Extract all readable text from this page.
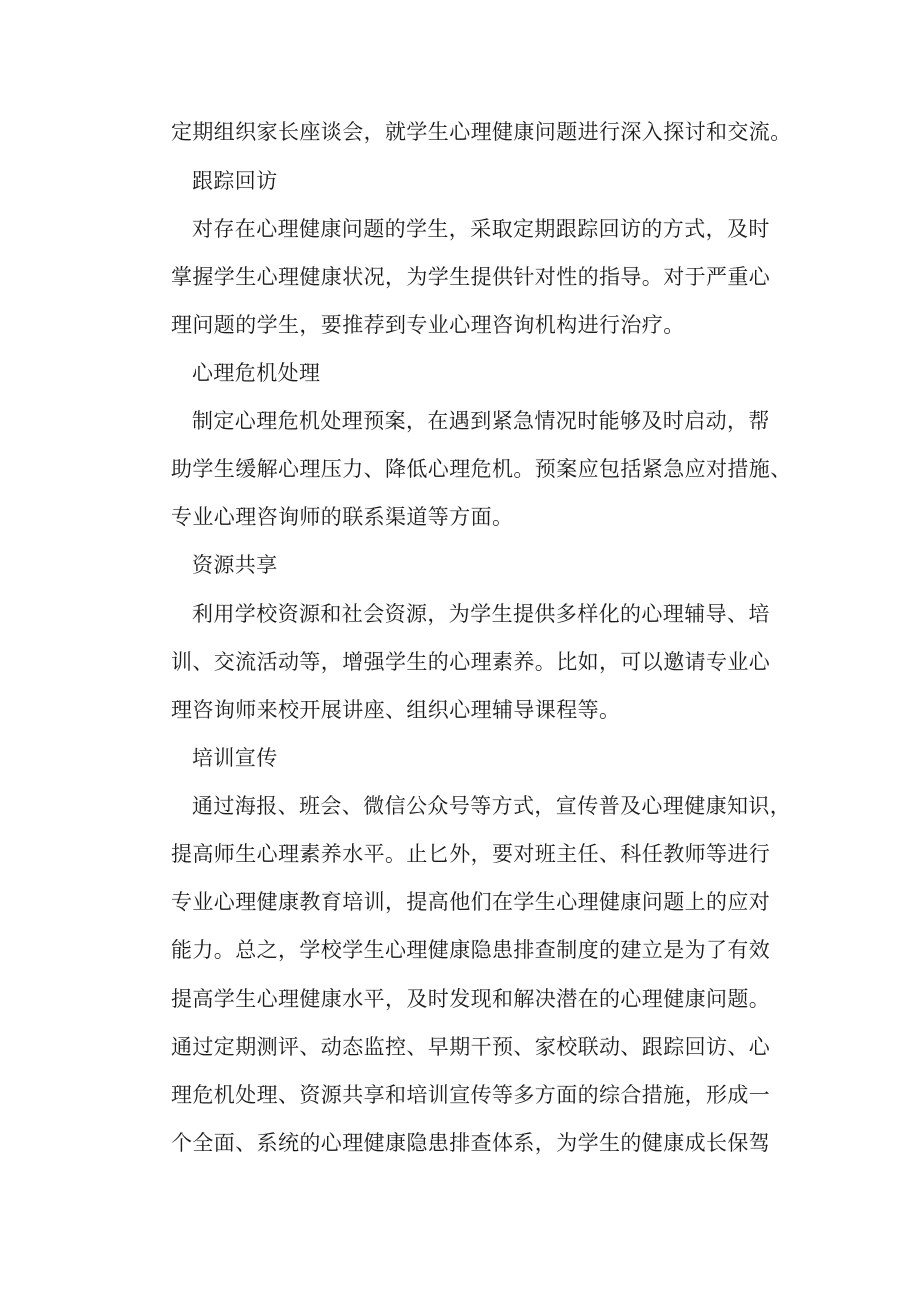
定期组织家长座谈会，就学生心理健康问题进行深入探讨和交流。
跟踪回访
对存在心理健康问题的学生，采取定期跟踪回访的方式，及时
掌握学生心理健康状况，为学生提供针对性的指导。对于严重心
理问题的学生，要推荐到专业心理咨询机构进行治疗。
心理危机处理
制定心理危机处理预案，在遇到紧急情况时能够及时启动，帮
助学生缓解心理压力、降低心理危机。预案应包括紧急应对措施、
专业心理咨询师的联系渠道等方面。
资源共享
利用学校资源和社会资源，为学生提供多样化的心理辅导、培
训、交流活动等，增强学生的心理素养。比如，可以邀请专业心
理咨询师来校开展讲座、组织心理辅导课程等。
培训宣传
通过海报、班会、微信公众号等方式，宣传普及心理健康知识，
提高师生心理素养水平。止匕外，要对班主任、科任教师等进行
专业心理健康教育培训，提高他们在学生心理健康问题上的应对
能力。总之，学校学生心理健康隐患排查制度的建立是为了有效
提高学生心理健康水平，及时发现和解决潜在的心理健康问题。
通过定期测评、动态监控、早期干预、家校联动、跟踪回访、心
理危机处理、资源共享和培训宣传等多方面的综合措施，形成一
个全面、系统的心理健康隐患排查体系，为学生的健康成长保驾
